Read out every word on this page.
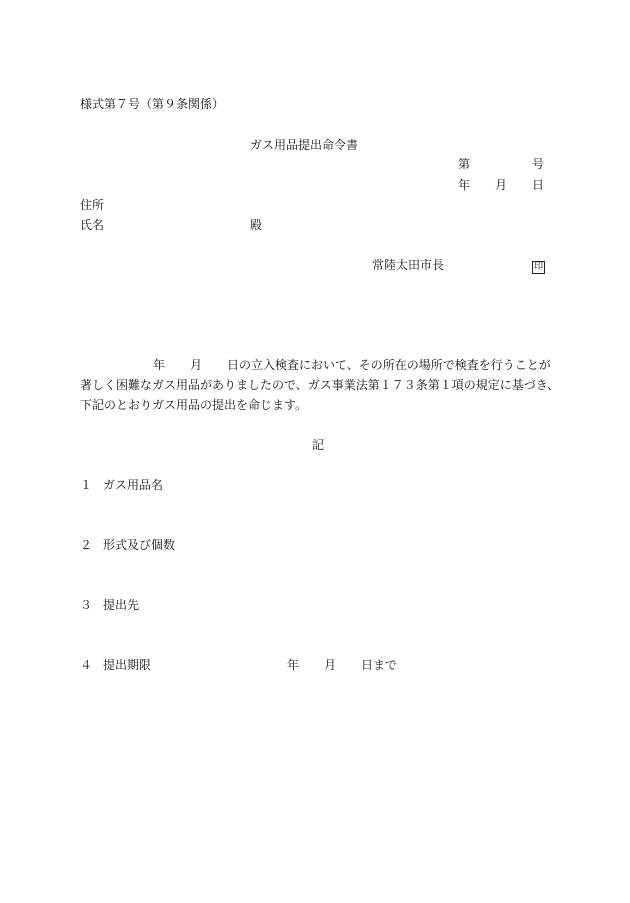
様式第７号（第９条関係）
ガス用品提出命令書
第	号
年 月 日
住所
氏名	殿
常陸太田市長	印
年 月 日の立入検査において、その所在の場所で検査を行うことが
著しく困難なガス用品がありましたので、ガス事業法第１７３条第１項の規定に基づき、
下記のとおりガス用品の提出を命じます。
記
１ ガス用品名
２ 形式及び個数
３ 提出先
４ 提出期限	年 月 日まで
